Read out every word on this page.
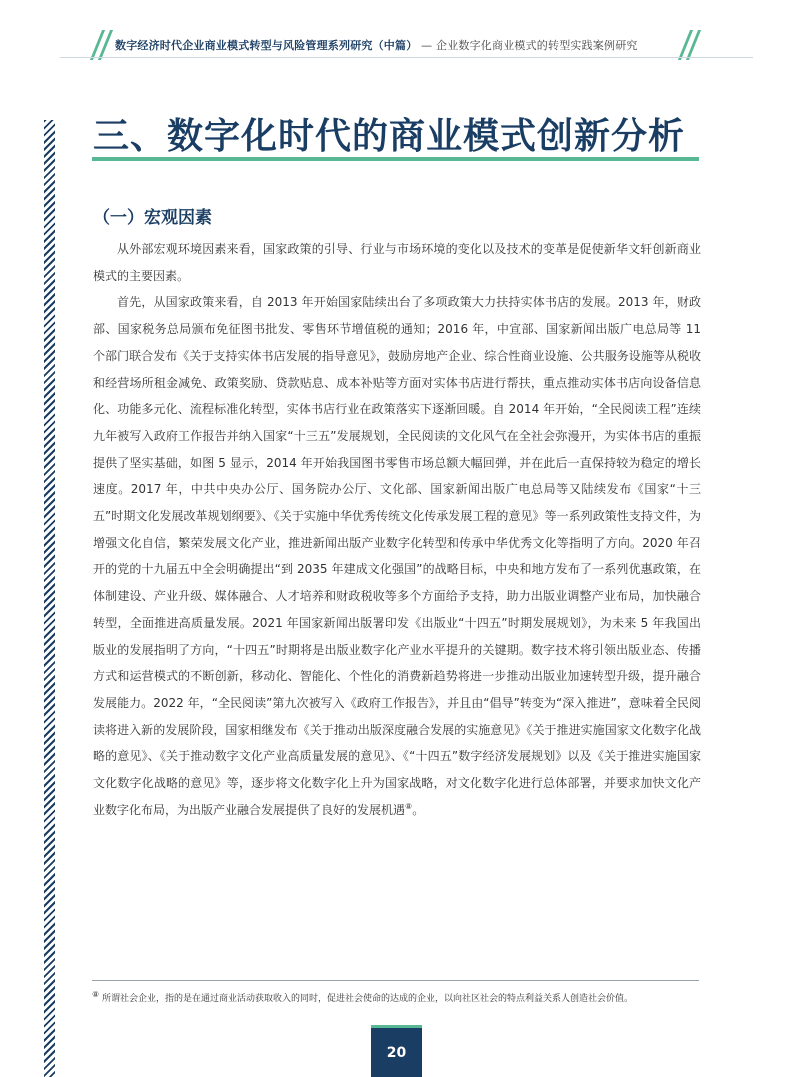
数字经济时代企业商业模式转型与风险管理系列研究（中篇） — 企业数字化商业模式的转型实践案例研究
三、数字化时代的商业模式创新分析
（一）宏观因素

从外部宏观环境因素来看，国家政策的引导、行业与市场环境的变化以及技术的变革是促使新华文轩创新商业模式的主要因素。

首先，从国家政策来看，自 2013 年开始国家陆续出台了多项政策大力扶持实体书店的发展。2013 年，财政部、国家税务总局颁布免征图书批发、零售环节增值税的通知；2016 年，中宣部、国家新闻出版广电总局等 11 个部门联合发布《关于支持实体书店发展的指导意见》，鼓励房地产企业、综合性商业设施、公共服务设施等从税收和经营场所租金减免、政策奖励、贷款贴息、成本补贴等方面对实体书店进行帮扶，重点推动实体书店向设备信息化、功能多元化、流程标准化转型，实体书店行业在政策落实下逐渐回暖。自 2014 年开始，“全民阅读工程”连续九年被写入政府工作报告并纳入国家“十三五”发展规划，全民阅读的文化风气在全社会弥漫开，为实体书店的重振提供了坚实基础，如图 5 显示，2014 年开始我国图书零售市场总额大幅回弹，并在此后一直保持较为稳定的增长速度。2017 年，中共中央办公厅、国务院办公厅、文化部、国家新闻出版广电总局等又陆续发布《国家“十三五”时期文化发展改革规划纲要》、《关于实施中华优秀传统文化传承发展工程的意见》等一系列政策性支持文件，为增强文化自信，繁荣发展文化产业，推进新闻出版产业数字化转型和传承中华优秀文化等指明了方向。2020 年召开的党的十九届五中全会明确提出“到 2035 年建成文化强国”的战略目标，中央和地方发布了一系列优惠政策，在体制建设、产业升级、媒体融合、人才培养和财政税收等多个方面给予支持，助力出版业调整产业布局，加快融合转型，全面推进高质量发展。2021 年国家新闻出版署印发《出版业“十四五”时期发展规划》，为未来 5 年我国出版业的发展指明了方向，“十四五”时期将是出版业数字化产业水平提升的关键期。数字技术将引领出版业态、传播方式和运营模式的不断创新，移动化、智能化、个性化的消费新趋势将进一步推动出版业加速转型升级，提升融合发展能力。2022 年，“全民阅读”第九次被写入《政府工作报告》，并且由“倡导”转变为“深入推进”，意味着全民阅读将进入新的发展阶段，国家相继发布《关于推动出版深度融合发展的实施意见》《关于推进实施国家文化数字化战略的意见》、《关于推动数字文化产业高质量发展的意见》、《“十四五”数字经济发展规划》以及《关于推进实施国家文化数字化战略的意见》等，逐步将文化数字化上升为国家战略，对文化数字化进行总体部署，并要求加快文化产业数字化布局，为出版产业融合发展提供了良好的发展机遇⑧。

⑧ 所谓社会企业，指的是在通过商业活动获取收入的同时，促进社会使命的达成的企业，以向社区社会的特点利益关系人创造社会价值。
20
